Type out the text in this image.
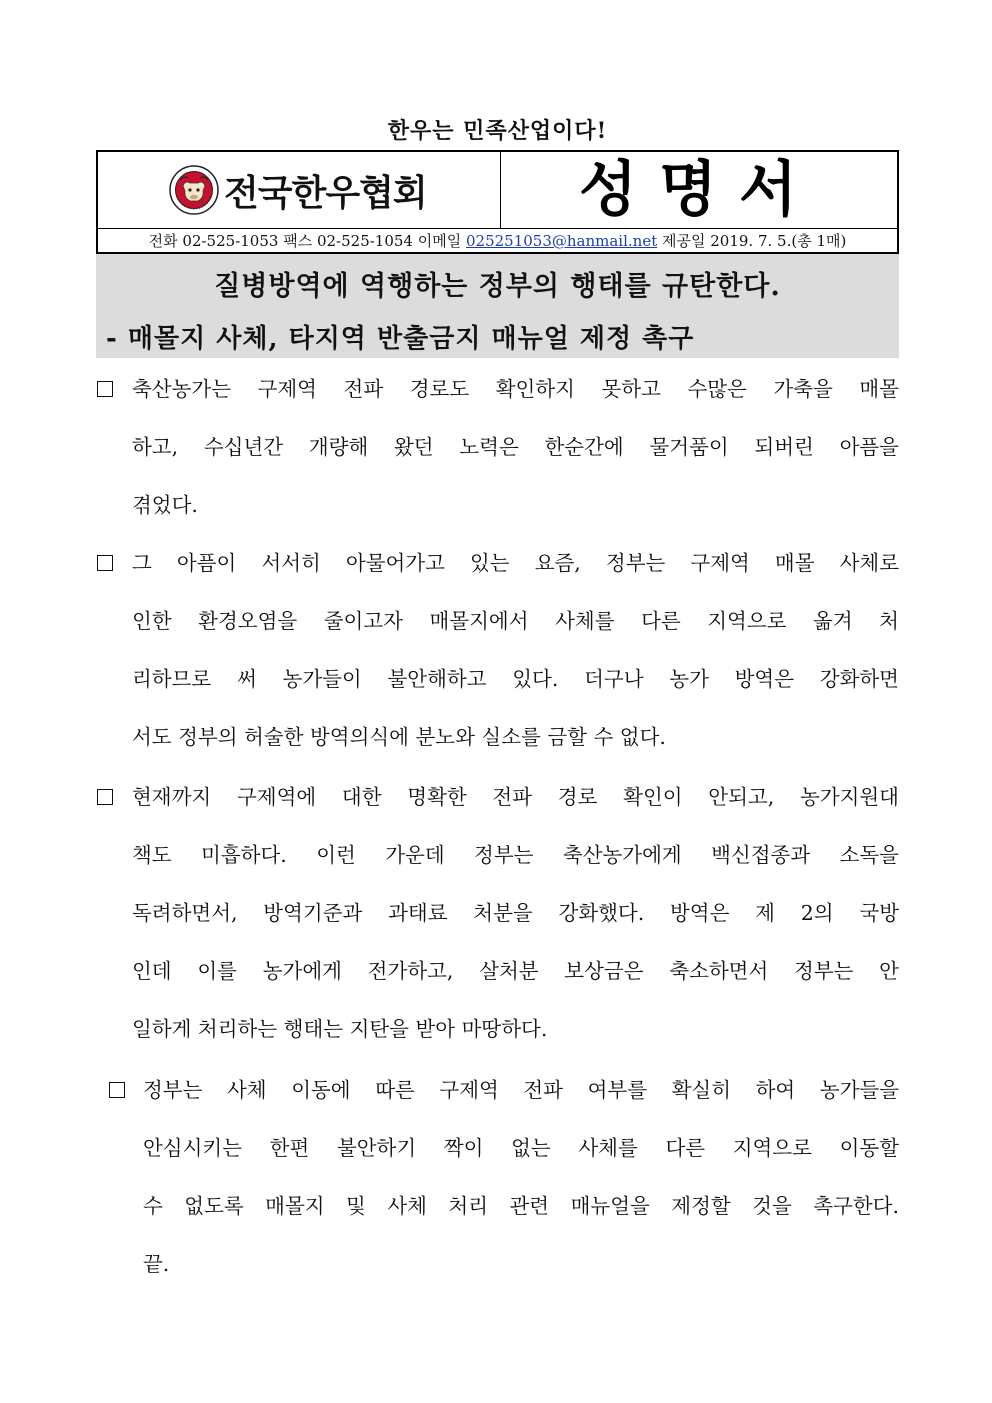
한우는 민족산업이다!
전국한우협회	성명서
전화 02-525-1053 팩스 02-525-1054 이메일 025251053@hanmail.net 제공일 2019. 7. 5.(총 1매)
질병방역에 역행하는 정부의 행태를 규탄한다.
- 매몰지 사체, 타지역 반출금지 매뉴얼 제정 촉구
축산농가는 구제역 전파 경로도 확인하지 못하고 수많은 가축을 매몰
하고, 수십년간 개량해 왔던 노력은 한순간에 물거품이 되버린 아픔을
겪었다.
그 아픔이 서서히 아물어가고 있는 요즘, 정부는 구제역 매몰 사체로
인한 환경오염을 줄이고자 매몰지에서 사체를 다른 지역으로 옮겨 처
리하므로 써 농가들이 불안해하고 있다. 더구나 농가 방역은 강화하면
서도 정부의 허술한 방역의식에 분노와 실소를 금할 수 없다.
현재까지 구제역에 대한 명확한 전파 경로 확인이 안되고, 농가지원대
책도 미흡하다. 이런 가운데 정부는 축산농가에게 백신접종과 소독을
독려하면서, 방역기준과 과태료 처분을 강화했다. 방역은 제 2의 국방
인데 이를 농가에게 전가하고, 살처분 보상금은 축소하면서 정부는 안
일하게 처리하는 행태는 지탄을 받아 마땅하다.
정부는 사체 이동에 따른 구제역 전파 여부를 확실히 하여 농가들을
안심시키는 한편 불안하기 짝이 없는 사체를 다른 지역으로 이동할
수 없도록 매몰지 및 사체 처리 관련 매뉴얼을 제정할 것을 촉구한다.
끝.
